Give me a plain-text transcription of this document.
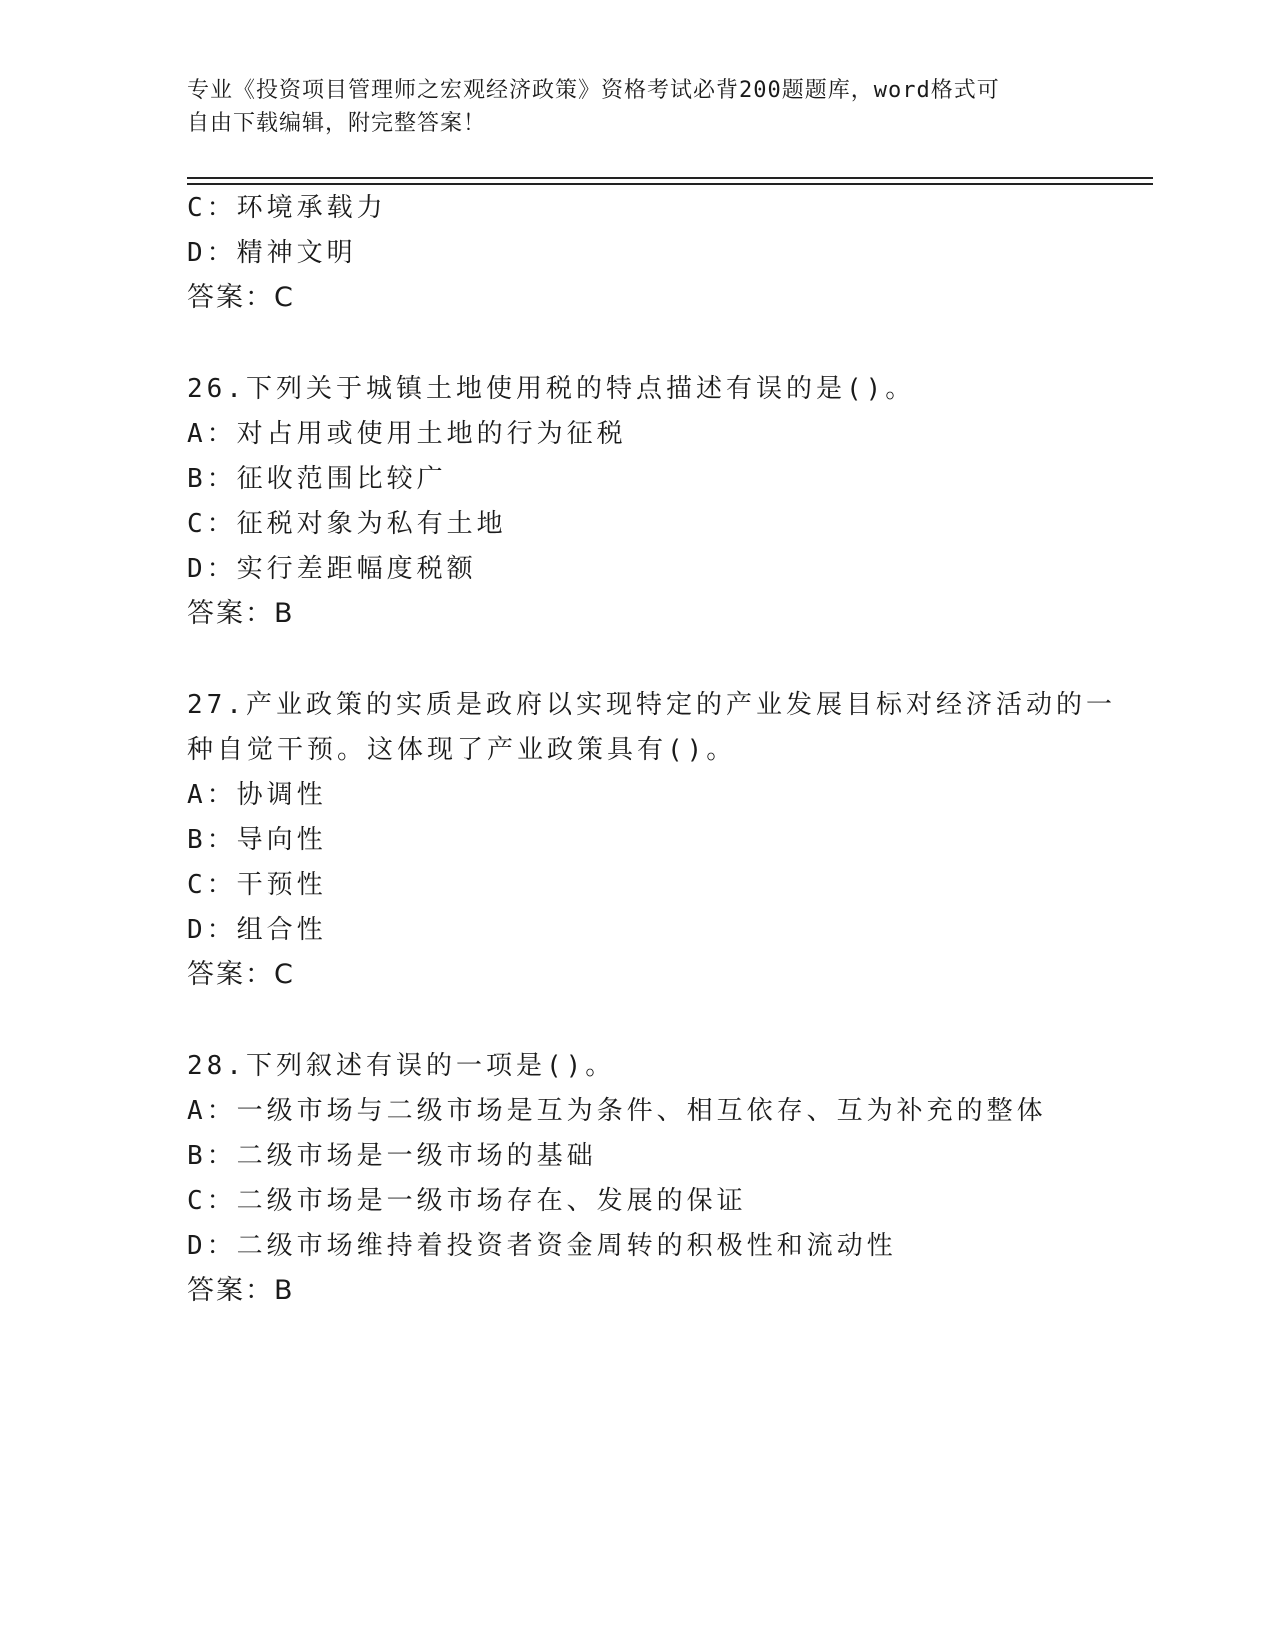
专业《投资项目管理师之宏观经济政策》资格考试必背200题题库，word格式可
自由下载编辑，附完整答案！
C：环境承载力
D：精神文明
答案：C
26.下列关于城镇土地使用税的特点描述有误的是()。
A：对占用或使用土地的行为征税
B：征收范围比较广
C：征税对象为私有土地
D：实行差距幅度税额
答案：B
27.产业政策的实质是政府以实现特定的产业发展目标对经济活动的一
种自觉干预。这体现了产业政策具有()。
A：协调性
B：导向性
C：干预性
D：组合性
答案：C
28.下列叙述有误的一项是()。
A：一级市场与二级市场是互为条件、相互依存、互为补充的整体
B：二级市场是一级市场的基础
C：二级市场是一级市场存在、发展的保证
D：二级市场维持着投资者资金周转的积极性和流动性
答案：B
